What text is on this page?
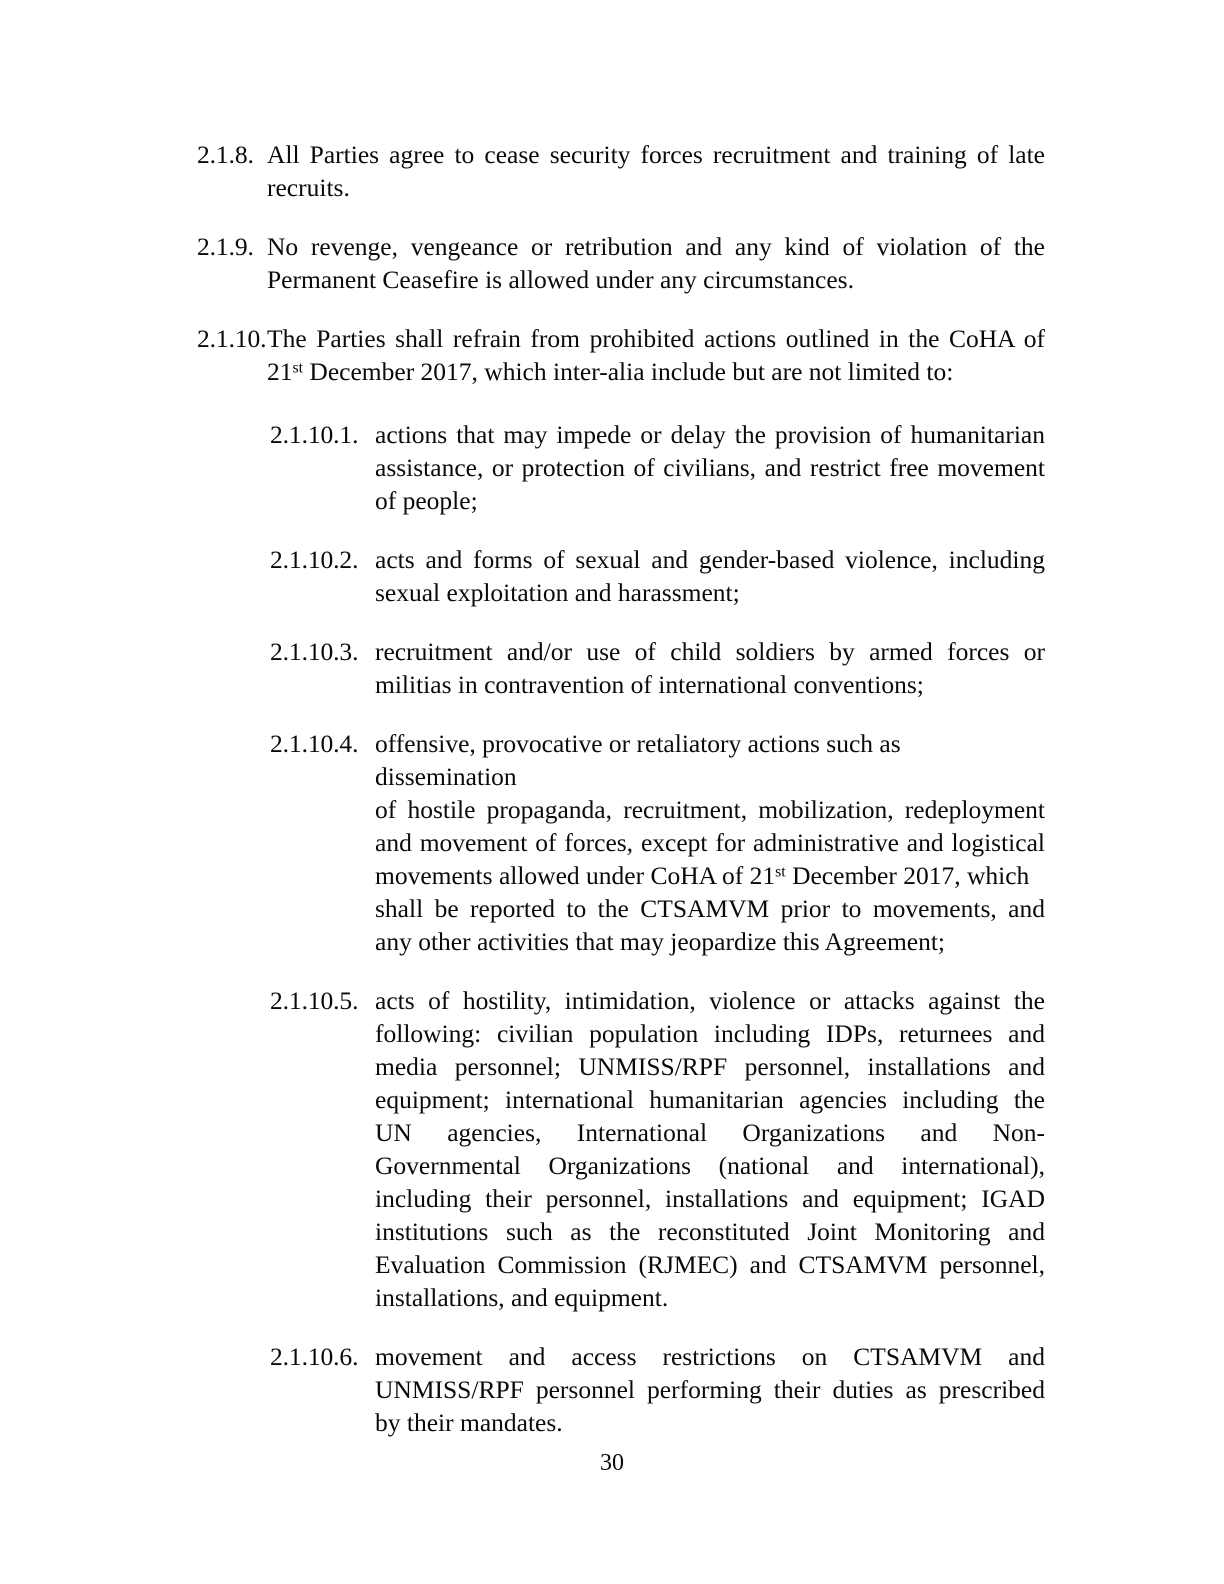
2.1.8. All Parties agree to cease security forces recruitment and training of late
recruits.
2.1.9. No revenge, vengeance or retribution and any kind of violation of the
Permanent Ceasefire is allowed under any circumstances.
2.1.10. The Parties shall refrain from prohibited actions outlined in the CoHA of
21st December 2017, which inter-alia include but are not limited to:
2.1.10.1. actions that may impede or delay the provision of humanitarian
assistance, or protection of civilians, and restrict free movement
of people;
2.1.10.2. acts and forms of sexual and gender-based violence, including
sexual exploitation and harassment;
2.1.10.3. recruitment and/or use of child soldiers by armed forces or
militias in contravention of international conventions;
2.1.10.4. offensive, provocative or retaliatory actions such as dissemination
of hostile propaganda, recruitment, mobilization, redeployment
and movement of forces, except for administrative and logistical
movements allowed under CoHA of 21st December 2017, which
shall be reported to the CTSAMVM prior to movements, and
any other activities that may jeopardize this Agreement;
2.1.10.5. acts of hostility, intimidation, violence or attacks against the
following: civilian population including IDPs, returnees and
media personnel; UNMISS/RPF personnel, installations and
equipment; international humanitarian agencies including the
UN agencies, International Organizations and Non-
Governmental Organizations (national and international),
including their personnel, installations and equipment; IGAD
institutions such as the reconstituted Joint Monitoring and
Evaluation Commission (RJMEC) and CTSAMVM personnel,
installations, and equipment.
2.1.10.6. movement and access restrictions on CTSAMVM and
UNMISS/RPF personnel performing their duties as prescribed
by their mandates.
30
